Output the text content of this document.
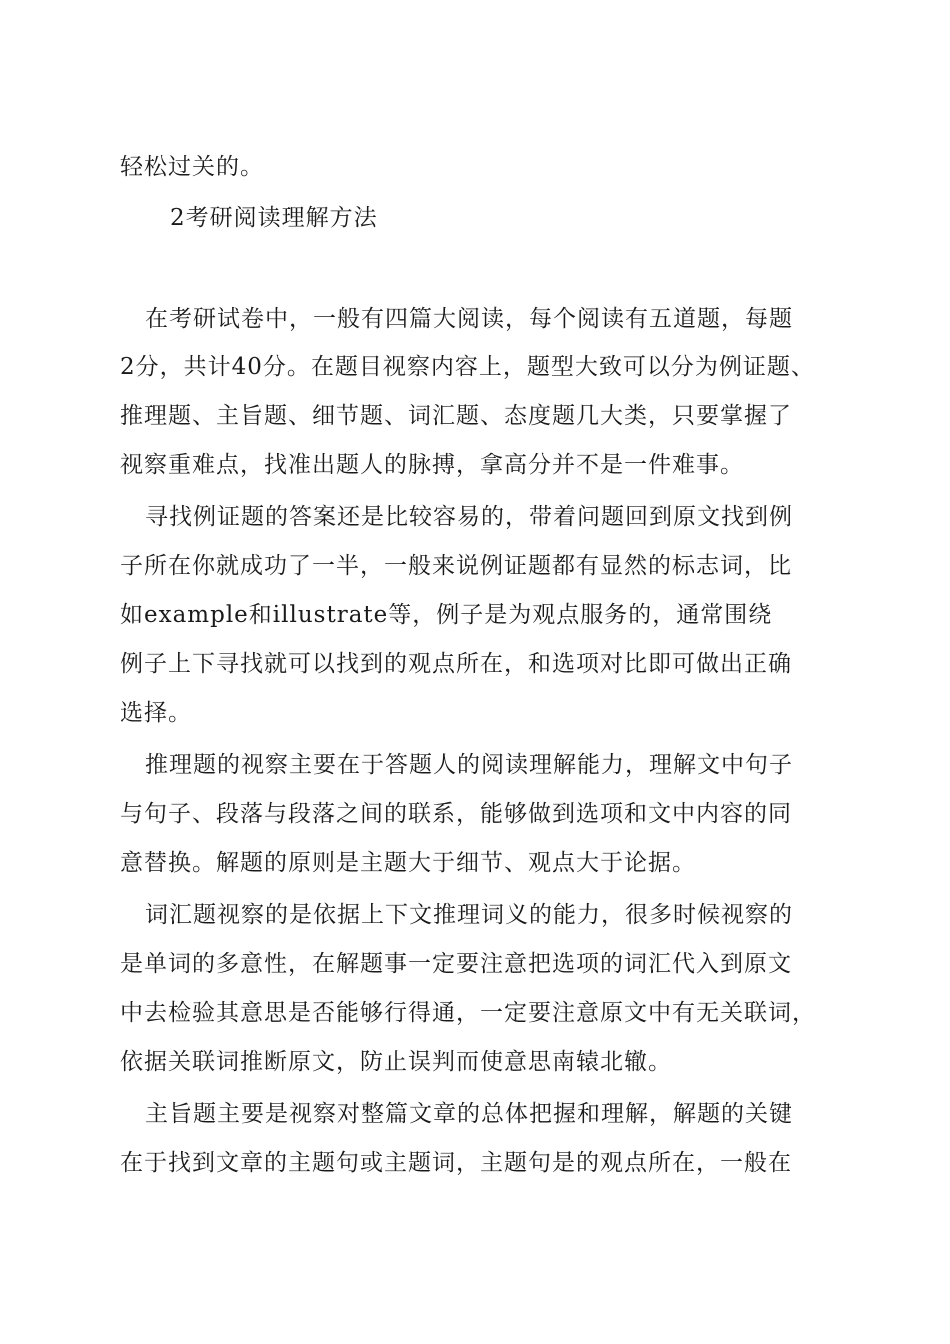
轻松过关的。
2考研阅读理解方法
在考研试卷中，一般有四篇大阅读，每个阅读有五道题，每题
2分，共计40分。在题目视察内容上，题型大致可以分为例证题、
推理题、主旨题、细节题、词汇题、态度题几大类，只要掌握了
视察重难点，找准出题人的脉搏，拿高分并不是一件难事。
寻找例证题的答案还是比较容易的，带着问题回到原文找到例
子所在你就成功了一半，一般来说例证题都有显然的标志词，比
如example和illustrate等，例子是为观点服务的，通常围绕
例子上下寻找就可以找到的观点所在，和选项对比即可做出正确
选择。
推理题的视察主要在于答题人的阅读理解能力，理解文中句子
与句子、段落与段落之间的联系，能够做到选项和文中内容的同
意替换。解题的原则是主题大于细节、观点大于论据。
词汇题视察的是依据上下文推理词义的能力，很多时候视察的
是单词的多意性，在解题事一定要注意把选项的词汇代入到原文
中去检验其意思是否能够行得通，一定要注意原文中有无关联词，
依据关联词推断原文，防止误判而使意思南辕北辙。
主旨题主要是视察对整篇文章的总体把握和理解，解题的关键
在于找到文章的主题句或主题词，主题句是的观点所在，一般在
